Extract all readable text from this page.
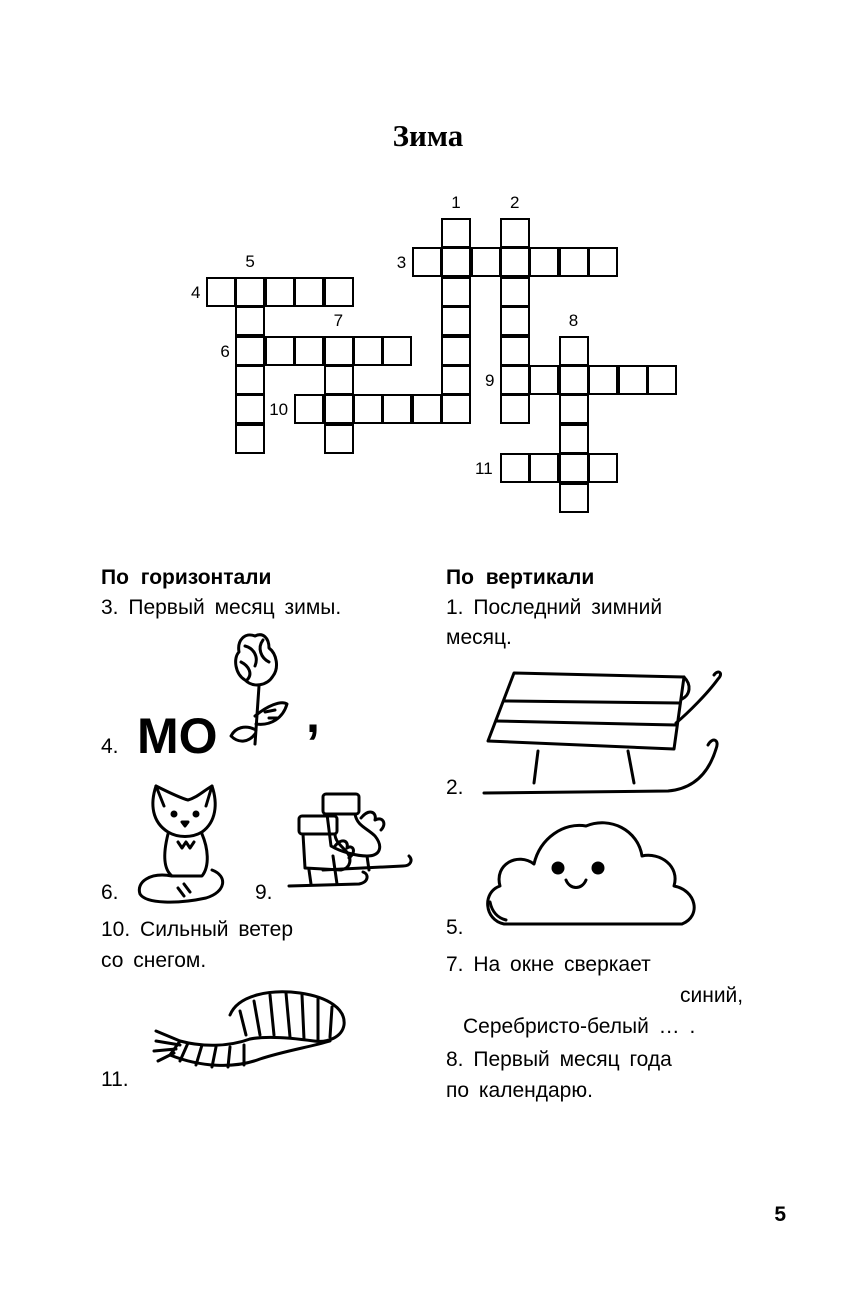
Зима
1	2
3
4
5
6
7	8
9
10
11
По горизонтали
3. Первый месяц зимы.
4. МО ,
6.	9.
10. Сильный ветер
со снегом.
11.
По вертикали
1. Последний зимний
месяц.
2.
5.
7. На окне сверкает
синий,
Серебристо-белый … .
8. Первый месяц года
по календарю.
5
